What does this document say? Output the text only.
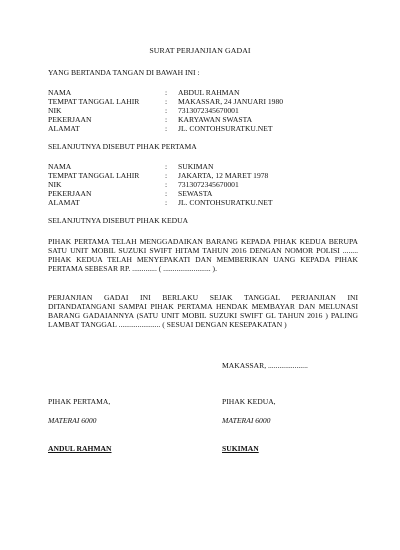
SURAT PERJANJIAN GADAI
YANG BERTANDA TANGAN DI BAWAH INI :
NAMA	:	ABDUL RAHMAN
TEMPAT TANGGAL LAHIR	:	MAKASSAR, 24 JANUARI 1980
NIK	:	7313072345670001
PEKERJAAN	:	KARYAWAN SWASTA
ALAMAT	:	JL. CONTOHSURATKU.NET
SELANJUTNYA DISEBUT PIHAK PERTAMA
NAMA	:	SUKIMAN
TEMPAT TANGGAL LAHIR	:	JAKARTA, 12 MARET 1978
NIK	:	7313072345670001
PEKERJAAN	:	SEWASTA
ALAMAT	:	JL. CONTOHSURATKU.NET
SELANJUTNYA DISEBUT PIHAK KEDUA
PIHAK PERTAMA TELAH MENGGADAIKAN BARANG KEPADA PIHAK KEDUA BERUPA SATU UNIT MOBIL SUZUKI SWIFT HITAM TAHUN 2016 DENGAN NOMOR POLISI ........ PIHAK KEDUA TELAH MENYEPAKATI DAN MEMBERIKAN UANG KEPADA PIHAK PERTAMA SEBESAR RP. ............. ( ......................... ).
PERJANJIAN GADAI INI BERLAKU SEJAK TANGGAL PERJANJIAN INI DITANDATANGANI SAMPAI PIHAK PERTAMA HENDAK MEMBAYAR DAN MELUNASI BARANG GADAIANNYA (SATU UNIT MOBIL SUZUKI SWIFT GL TAHUN 2016 ) PALING LAMBAT TANGGAL ...................... ( SESUAI DENGAN KESEPAKATAN )
MAKASSAR, .....................
PIHAK PERTAMA,	PIHAK KEDUA,
MATERAI 6000	MATERAI 6000
ANDUL RAHMAN	SUKIMAN
